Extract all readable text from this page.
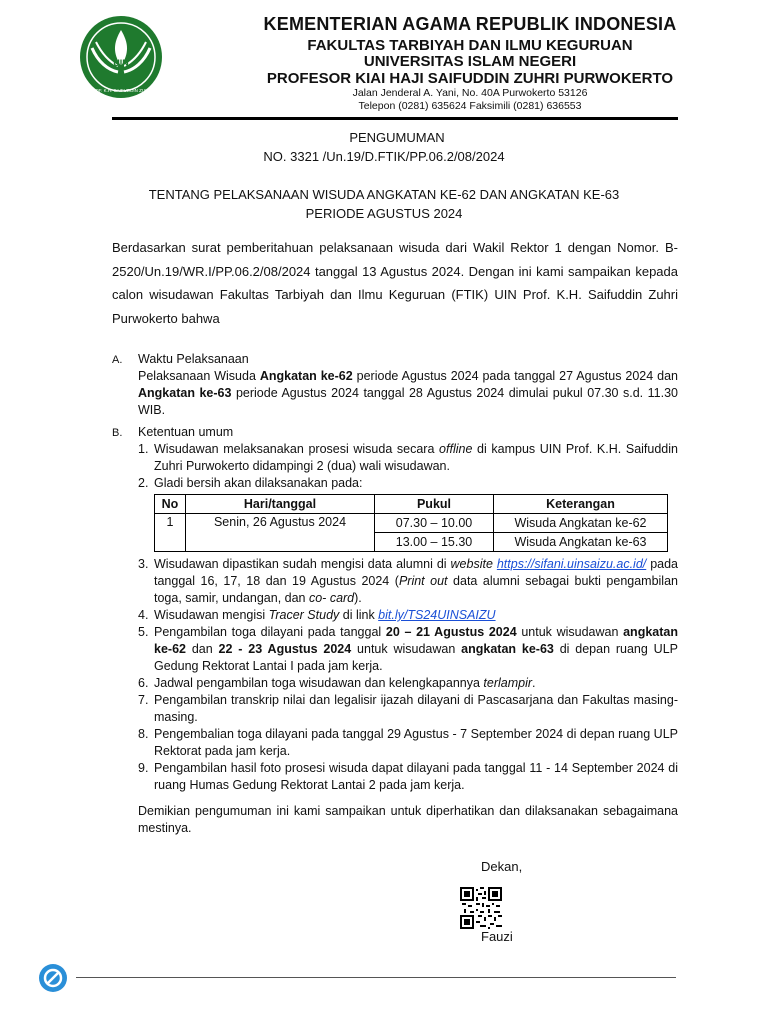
UIN
PROF. K.H. SAIFUDDIN ZUHRI
KEMENTERIAN AGAMA REPUBLIK INDONESIA
FAKULTAS TARBIYAH DAN ILMU KEGURUAN
UNIVERSITAS ISLAM NEGERI
PROFESOR KIAI HAJI SAIFUDDIN ZUHRI PURWOKERTO
Jalan Jenderal A. Yani, No. 40A Purwokerto 53126
Telepon (0281) 635624 Faksimili (0281) 636553
PENGUMUMAN
NO. 3321 /Un.19/D.FTIK/PP.06.2/08/2024
TENTANG PELAKSANAAN WISUDA ANGKATAN KE-62 DAN ANGKATAN KE-63
PERIODE AGUSTUS 2024

Berdasarkan surat pemberitahuan pelaksanaan wisuda dari Wakil Rektor 1 dengan Nomor. B-2520/Un.19/WR.I/PP.06.2/08/2024 tanggal 13 Agustus 2024. Dengan ini kami sampaikan kepada calon wisudawan Fakultas Tarbiyah dan Ilmu Keguruan (FTIK) UIN Prof. K.H. Saifuddin Zuhri Purwokerto bahwa

A. Waktu Pelaksanaan
Pelaksanaan Wisuda Angkatan ke-62 periode Agustus 2024 pada tanggal 27 Agustus 2024 dan Angkatan ke-63 periode Agustus 2024 tanggal 28 Agustus 2024 dimulai pukul 07.30 s.d. 11.30 WIB.
B. Ketentuan umum
1. Wisudawan melaksanakan prosesi wisuda secara offline di kampus UIN Prof. K.H. Saifuddin Zuhri Purwokerto didampingi 2 (dua) wali wisudawan.
2. Gladi bersih akan dilaksanakan pada:
No	Hari/tanggal	Pukul	Keterangan
1	Senin, 26 Agustus 2024	07.30 – 10.00	Wisuda Angkatan ke-62
		13.00 – 15.30	Wisuda Angkatan ke-63
3. Wisudawan dipastikan sudah mengisi data alumni di website https://sifani.uinsaizu.ac.id/ pada tanggal 16, 17, 18 dan 19 Agustus 2024 (Print out data alumni sebagai bukti pengambilan toga, samir, undangan, dan co- card).
4. Wisudawan mengisi Tracer Study di link bit.ly/TS24UINSAIZU
5. Pengambilan toga dilayani pada tanggal 20 – 21 Agustus 2024 untuk wisudawan angkatan ke-62 dan 22 - 23 Agustus 2024 untuk wisudawan angkatan ke-63 di depan ruang ULP Gedung Rektorat Lantai I pada jam kerja.
6. Jadwal pengambilan toga wisudawan dan kelengkapannya terlampir.
7. Pengambilan transkrip nilai dan legalisir ijazah dilayani di Pascasarjana dan Fakultas masing-masing.
8. Pengembalian toga dilayani pada tanggal 29 Agustus - 7 September 2024 di depan ruang ULP Rektorat pada jam kerja.
9. Pengambilan hasil foto prosesi wisuda dapat dilayani pada tanggal 11 - 14 September 2024 di ruang Humas Gedung Rektorat Lantai 2 pada jam kerja.
Demikian pengumuman ini kami sampaikan untuk diperhatikan dan dilaksanakan sebagaimana mestinya.
Dekan,
Fauzi
